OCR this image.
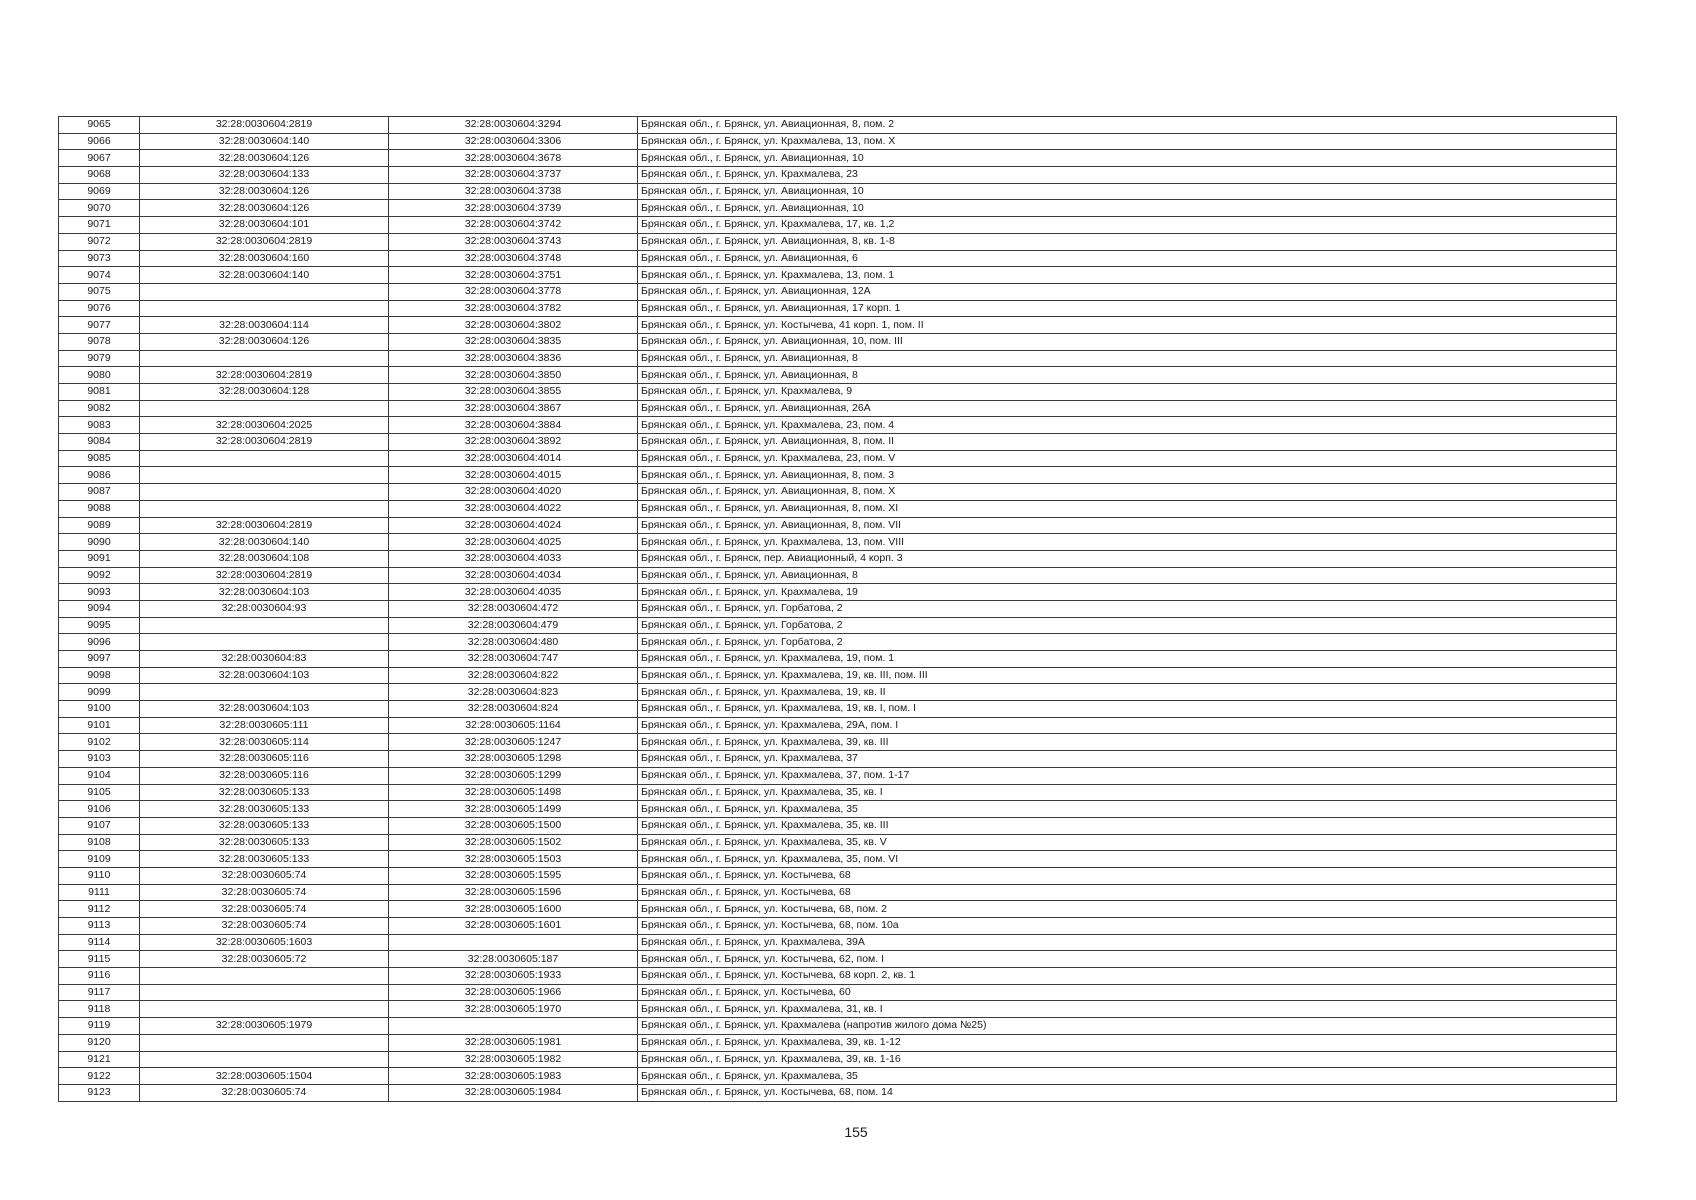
9065	32:28:0030604:2819	32:28:0030604:3294	Брянская обл., г. Брянск, ул. Авиационная, 8, пом. 2
9066	32:28:0030604:140	32:28:0030604:3306	Брянская обл., г. Брянск, ул. Крахмалева, 13, пом. X
9067	32:28:0030604:126	32:28:0030604:3678	Брянская обл., г. Брянск, ул. Авиационная, 10
9068	32:28:0030604:133	32:28:0030604:3737	Брянская обл., г. Брянск, ул. Крахмалева, 23
9069	32:28:0030604:126	32:28:0030604:3738	Брянская обл., г. Брянск, ул. Авиационная, 10
9070	32:28:0030604:126	32:28:0030604:3739	Брянская обл., г. Брянск, ул. Авиационная, 10
9071	32:28:0030604:101	32:28:0030604:3742	Брянская обл., г. Брянск, ул. Крахмалева, 17, кв. 1,2
9072	32:28:0030604:2819	32:28:0030604:3743	Брянская обл., г. Брянск, ул. Авиационная, 8, кв. 1-8
9073	32:28:0030604:160	32:28:0030604:3748	Брянская обл., г. Брянск, ул. Авиационная, 6
9074	32:28:0030604:140	32:28:0030604:3751	Брянская обл., г. Брянск, ул. Крахмалева, 13, пом. 1
9075		32:28:0030604:3778	Брянская обл., г. Брянск, ул. Авиационная, 12А
9076		32:28:0030604:3782	Брянская обл., г. Брянск, ул. Авиационная, 17 корп. 1
9077	32:28:0030604:114	32:28:0030604:3802	Брянская обл., г. Брянск, ул. Костычева, 41 корп. 1, пом. II
9078	32:28:0030604:126	32:28:0030604:3835	Брянская обл., г. Брянск, ул. Авиационная, 10, пом. III
9079		32:28:0030604:3836	Брянская обл., г. Брянск, ул. Авиационная, 8
9080	32:28:0030604:2819	32:28:0030604:3850	Брянская обл., г. Брянск, ул. Авиационная, 8
9081	32:28:0030604:128	32:28:0030604:3855	Брянская обл., г. Брянск, ул. Крахмалева, 9
9082		32:28:0030604:3867	Брянская обл., г. Брянск, ул. Авиационная, 26А
9083	32:28:0030604:2025	32:28:0030604:3884	Брянская обл., г. Брянск, ул. Крахмалева, 23, пом. 4
9084	32:28:0030604:2819	32:28:0030604:3892	Брянская обл., г. Брянск, ул. Авиационная, 8, пом. II
9085		32:28:0030604:4014	Брянская обл., г. Брянск, ул. Крахмалева, 23, пом. V
9086		32:28:0030604:4015	Брянская обл., г. Брянск, ул. Авиационная, 8, пом. 3
9087		32:28:0030604:4020	Брянская обл., г. Брянск, ул. Авиационная, 8, пом. X
9088		32:28:0030604:4022	Брянская обл., г. Брянск, ул. Авиационная, 8, пом. XI
9089	32:28:0030604:2819	32:28:0030604:4024	Брянская обл., г. Брянск, ул. Авиационная, 8, пом. VII
9090	32:28:0030604:140	32:28:0030604:4025	Брянская обл., г. Брянск, ул. Крахмалева, 13, пом. VIII
9091	32:28:0030604:108	32:28:0030604:4033	Брянская обл., г. Брянск, пер. Авиационный, 4 корп. 3
9092	32:28:0030604:2819	32:28:0030604:4034	Брянская обл., г. Брянск, ул. Авиационная, 8
9093	32:28:0030604:103	32:28:0030604:4035	Брянская обл., г. Брянск, ул. Крахмалева, 19
9094	32:28:0030604:93	32:28:0030604:472	Брянская обл., г. Брянск, ул. Горбатова, 2
9095		32:28:0030604:479	Брянская обл., г. Брянск, ул. Горбатова, 2
9096		32:28:0030604:480	Брянская обл., г. Брянск, ул. Горбатова, 2
9097	32:28:0030604:83	32:28:0030604:747	Брянская обл., г. Брянск, ул. Крахмалева, 19, пом. 1
9098	32:28:0030604:103	32:28:0030604:822	Брянская обл., г. Брянск, ул. Крахмалева, 19, кв. III, пом. III
9099		32:28:0030604:823	Брянская обл., г. Брянск, ул. Крахмалева, 19, кв. II
9100	32:28:0030604:103	32:28:0030604:824	Брянская обл., г. Брянск, ул. Крахмалева, 19, кв. I, пом. I
9101	32:28:0030605:111	32:28:0030605:1164	Брянская обл., г. Брянск, ул. Крахмалева, 29А, пом. I
9102	32:28:0030605:114	32:28:0030605:1247	Брянская обл., г. Брянск, ул. Крахмалева, 39, кв. III
9103	32:28:0030605:116	32:28:0030605:1298	Брянская обл., г. Брянск, ул. Крахмалева, 37
9104	32:28:0030605:116	32:28:0030605:1299	Брянская обл., г. Брянск, ул. Крахмалева, 37, пом. 1-17
9105	32:28:0030605:133	32:28:0030605:1498	Брянская обл., г. Брянск, ул. Крахмалева, 35, кв. I
9106	32:28:0030605:133	32:28:0030605:1499	Брянская обл., г. Брянск, ул. Крахмалева, 35
9107	32:28:0030605:133	32:28:0030605:1500	Брянская обл., г. Брянск, ул. Крахмалева, 35, кв. III
9108	32:28:0030605:133	32:28:0030605:1502	Брянская обл., г. Брянск, ул. Крахмалева, 35, кв. V
9109	32:28:0030605:133	32:28:0030605:1503	Брянская обл., г. Брянск, ул. Крахмалева, 35, пом. VI
9110	32:28:0030605:74	32:28:0030605:1595	Брянская обл., г. Брянск, ул. Костычева, 68
9111	32:28:0030605:74	32:28:0030605:1596	Брянская обл., г. Брянск, ул. Костычева, 68
9112	32:28:0030605:74	32:28:0030605:1600	Брянская обл., г. Брянск, ул. Костычева, 68, пом. 2
9113	32:28:0030605:74	32:28:0030605:1601	Брянская обл., г. Брянск, ул. Костычева, 68, пом. 10а
9114	32:28:0030605:1603		Брянская обл., г. Брянск, ул. Крахмалева, 39А
9115	32:28:0030605:72	32:28:0030605:187	Брянская обл., г. Брянск, ул. Костычева, 62, пом. I
9116		32:28:0030605:1933	Брянская обл., г. Брянск, ул. Костычева, 68 корп. 2, кв. 1
9117		32:28:0030605:1966	Брянская обл., г. Брянск, ул. Костычева, 60
9118		32:28:0030605:1970	Брянская обл., г. Брянск, ул. Крахмалева, 31, кв. I
9119	32:28:0030605:1979		Брянская обл., г. Брянск, ул. Крахмалева (напротив жилого дома №25)
9120		32:28:0030605:1981	Брянская обл., г. Брянск, ул. Крахмалева, 39, кв. 1-12
9121		32:28:0030605:1982	Брянская обл., г. Брянск, ул. Крахмалева, 39, кв. 1-16
9122	32:28:0030605:1504	32:28:0030605:1983	Брянская обл., г. Брянск, ул. Крахмалева, 35
9123	32:28:0030605:74	32:28:0030605:1984	Брянская обл., г. Брянск, ул. Костычева, 68, пом. 14
155
